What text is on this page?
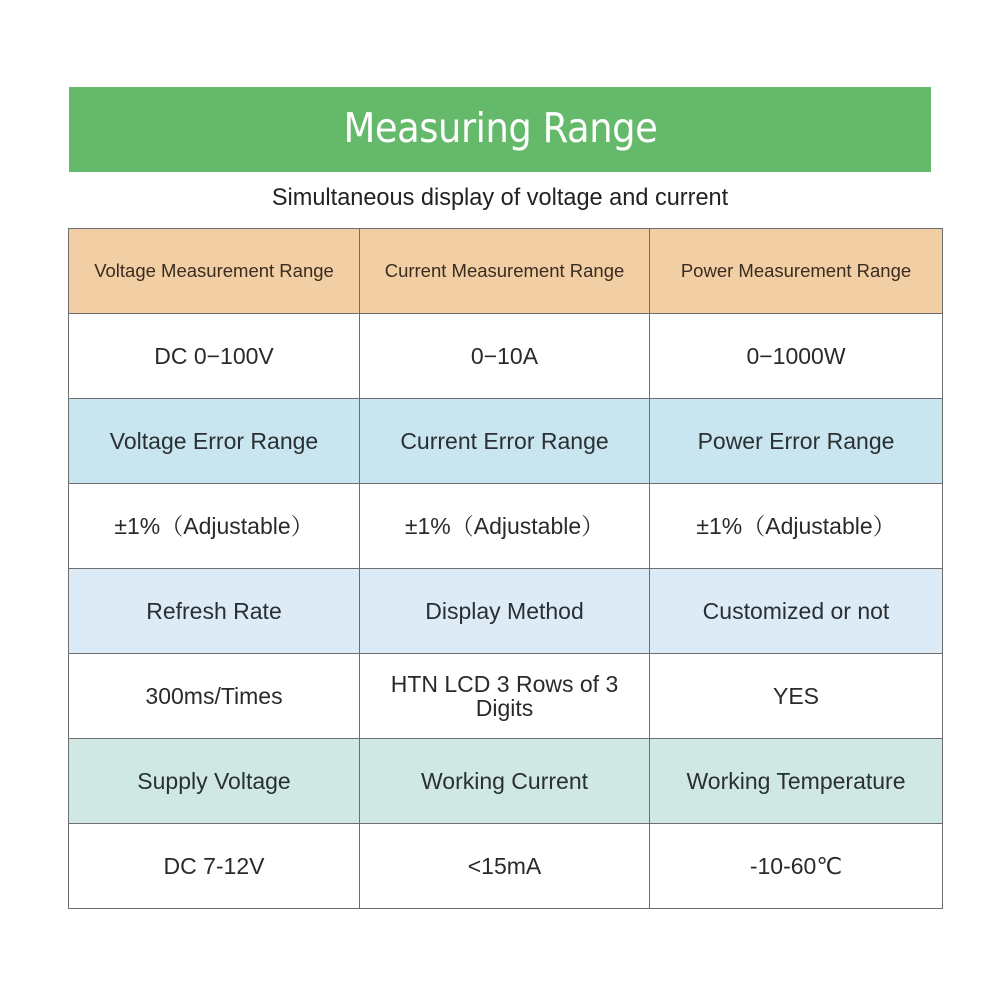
Measuring Range
Simultaneous display of voltage and current
Voltage Measurement Range	Current Measurement Range	Power Measurement Range
DC 0−100V	0−10A	0−1000W
Voltage Error Range	Current Error Range	Power Error Range
±1%（Adjustable）	±1%（Adjustable）	±1%（Adjustable）
Refresh Rate	Display Method	Customized or not
300ms/Times	HTN LCD 3 Rows of 3 Digits	YES
Supply Voltage	Working Current	Working Temperature
DC 7-12V	<15mA	-10-60℃
